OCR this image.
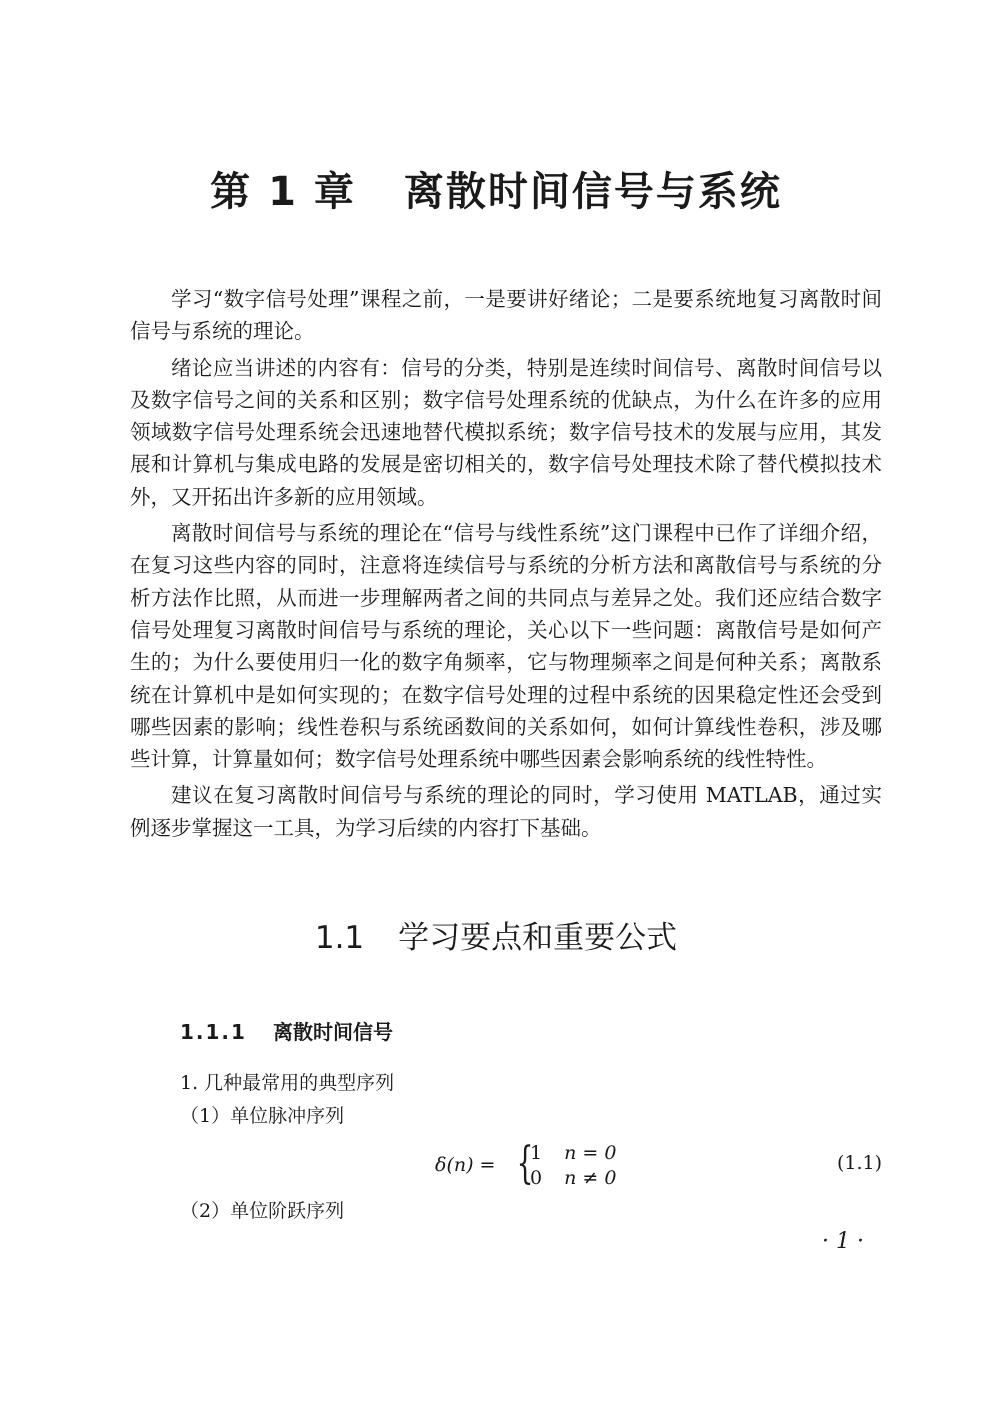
第 1 章 离散时间信号与系统

学习“数字信号处理”课程之前，一是要讲好绪论；二是要系统地复习离散时间信号与系统的理论。

绪论应当讲述的内容有：信号的分类，特别是连续时间信号、离散时间信号以及数字信号之间的关系和区别；数字信号处理系统的优缺点，为什么在许多的应用领域数字信号处理系统会迅速地替代模拟系统；数字信号技术的发展与应用，其发展和计算机与集成电路的发展是密切相关的，数字信号处理技术除了替代模拟技术外，又开拓出许多新的应用领域。

离散时间信号与系统的理论在“信号与线性系统”这门课程中已作了详细介绍，在复习这些内容的同时，注意将连续信号与系统的分析方法和离散信号与系统的分析方法作比照，从而进一步理解两者之间的共同点与差异之处。我们还应结合数字信号处理复习离散时间信号与系统的理论，关心以下一些问题：离散信号是如何产生的；为什么要使用归一化的数字角频率，它与物理频率之间是何种关系；离散系统在计算机中是如何实现的；在数字信号处理的过程中系统的因果稳定性还会受到哪些因素的影响；线性卷积与系统函数间的关系如何，如何计算线性卷积，涉及哪些计算，计算量如何；数字信号处理系统中哪些因素会影响系统的线性特性。

建议在复习离散时间信号与系统的理论的同时，学习使用 MATLAB，通过实例逐步掌握这一工具，为学习后续的内容打下基础。

1.1 学习要点和重要公式
1.1.1 离散时间信号

1. 几种最常用的典型序列

（1）单位脉冲序列

δ(n) = {
1 n = 0
0 n ≠ 0
(1.1)

（2）单位阶跃序列

· 1 ·
